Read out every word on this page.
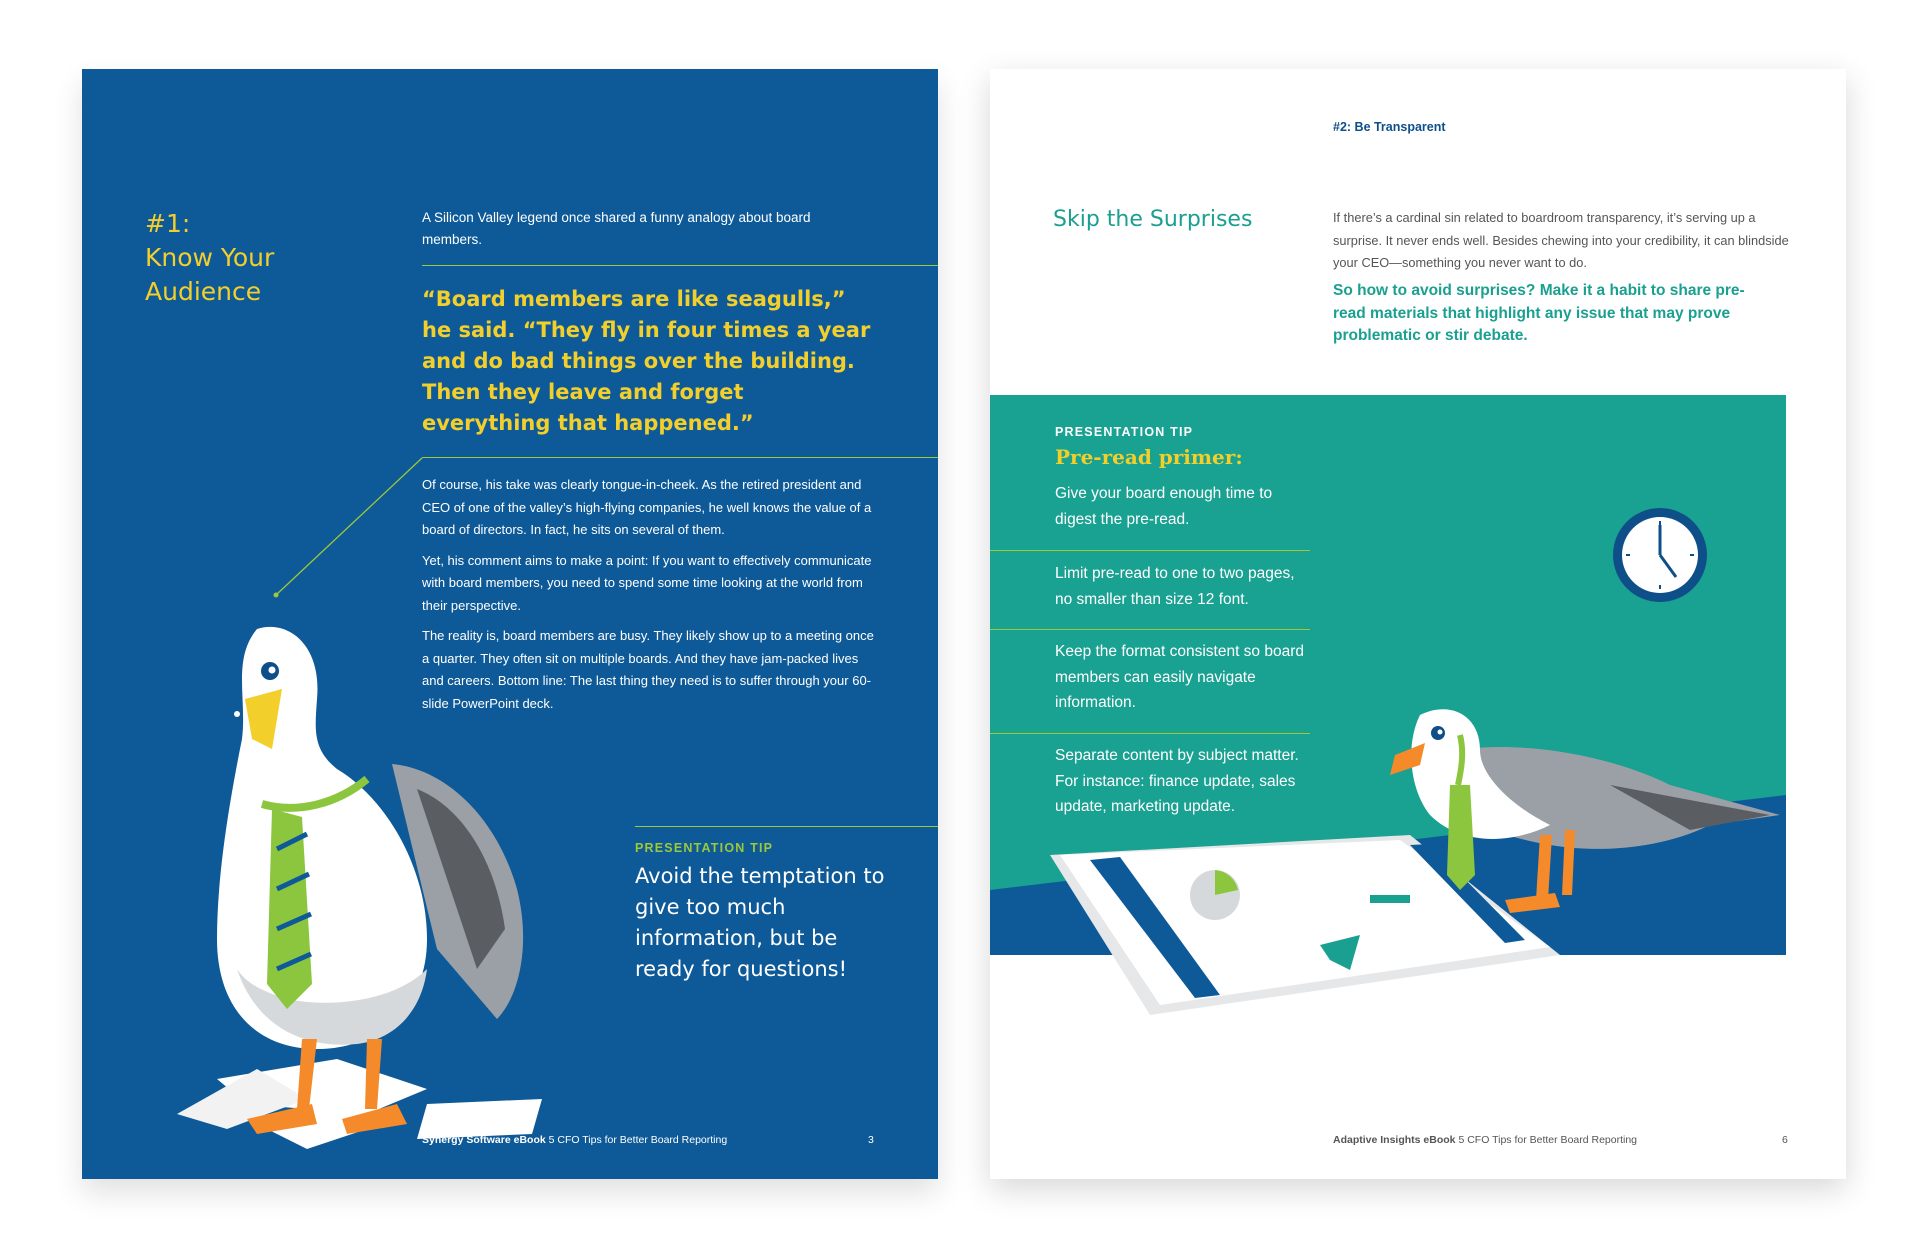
#1:
Know Your
Audience
A Silicon Valley legend once shared a funny analogy about board members.
“Board members are like seagulls,” he said. “They fly in four times a year and do bad things over the building. Then they leave and forget everything that happened.”

Of course, his take was clearly tongue-in-cheek. As the retired president and CEO of one of the valley’s high-flying companies, he well knows the value of a board of directors. In fact, he sits on several of them.

Yet, his comment aims to make a point: If you want to effectively communicate with board members, you need to spend some time looking at the world from their perspective.

The reality is, board members are busy. They likely show up to a meeting once a quarter. They often sit on multiple boards. And they have jam-packed lives and careers. Bottom line: The last thing they need is to suffer through your 60-slide PowerPoint deck.

PRESENTATION TIP
Avoid the temptation to give too much information, but be ready for questions!
Synergy Software eBook 5 CFO Tips for Better Board Reporting	3
#2: Be Transparent
Skip the Surprises	If there’s a cardinal sin related to boardroom transparency, it’s serving up a surprise. It never ends well. Besides chewing into your credibility, it can blindside your CEO—something you never want to do.
So how to avoid surprises? Make it a habit to share pre-read materials that highlight any issue that may prove problematic or stir debate.
PRESENTATION TIP
Pre-read primer:
Give your board enough time to digest the pre-read.
Limit pre-read to one to two pages, no smaller than size 12 font.
Keep the format consistent so board members can easily navigate information.
Separate content by subject matter. For instance: finance update, sales update, marketing update.
Adaptive Insights eBook 5 CFO Tips for Better Board Reporting	6
